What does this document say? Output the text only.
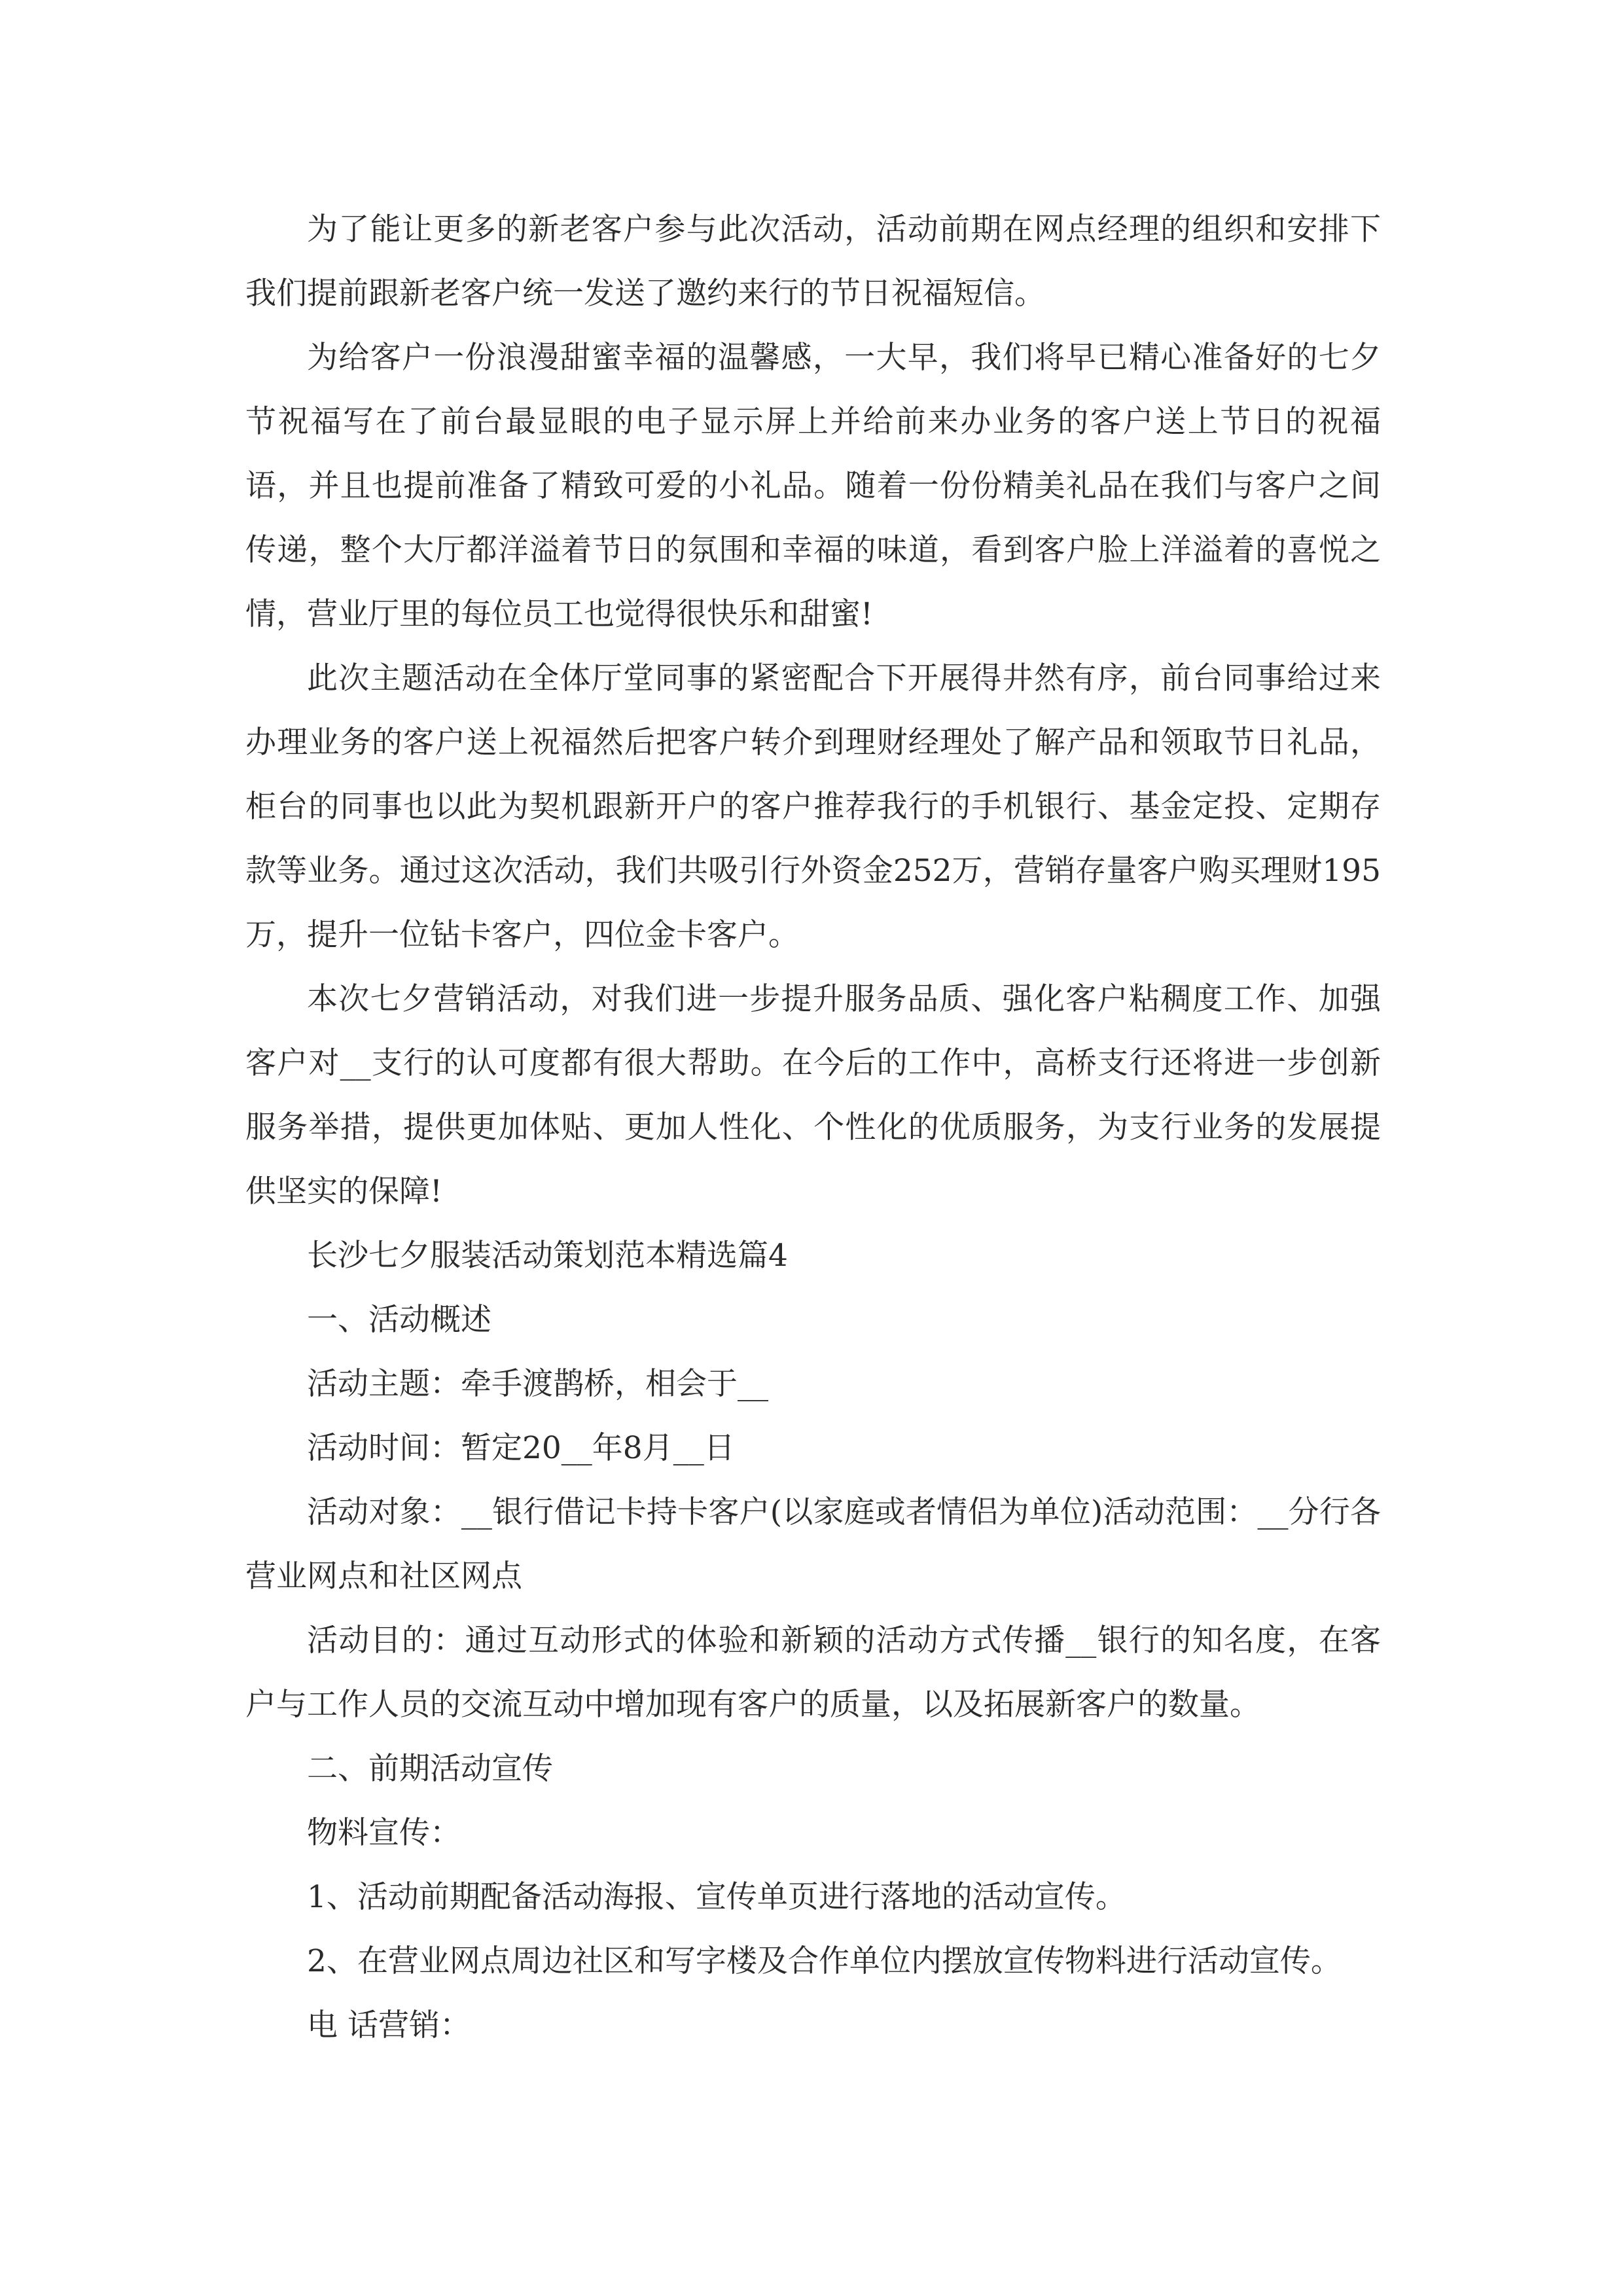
为了能让更多的新老客户参与此次活动，活动前期在网点经理的组织和安排下我们提前跟新老客户统一发送了邀约来行的节日祝福短信。

为给客户一份浪漫甜蜜幸福的温馨感，一大早，我们将早已精心准备好的七夕节祝福写在了前台最显眼的电子显示屏上并给前来办业务的客户送上节日的祝福语，并且也提前准备了精致可爱的小礼品。随着一份份精美礼品在我们与客户之间传递，整个大厅都洋溢着节日的氛围和幸福的味道，看到客户脸上洋溢着的喜悦之情，营业厅里的每位员工也觉得很快乐和甜蜜!

此次主题活动在全体厅堂同事的紧密配合下开展得井然有序，前台同事给过来办理业务的客户送上祝福然后把客户转介到理财经理处了解产品和领取节日礼品，柜台的同事也以此为契机跟新开户的客户推荐我行的手机银行、基金定投、定期存款等业务。通过这次活动，我们共吸引行外资金252万，营销存量客户购买理财195万，提升一位钻卡客户，四位金卡客户。

本次七夕营销活动，对我们进一步提升服务品质、强化客户粘稠度工作、加强客户对__支行的认可度都有很大帮助。在今后的工作中，高桥支行还将进一步创新服务举措，提供更加体贴、更加人性化、个性化的优质服务，为支行业务的发展提供坚实的保障!

长沙七夕服装活动策划范本精选篇4

一、活动概述

活动主题：牵手渡鹊桥，相会于__

活动时间：暂定20__年8月__日

活动对象：__银行借记卡持卡客户(以家庭或者情侣为单位)活动范围：__分行各营业网点和社区网点

活动目的：通过互动形式的体验和新颖的活动方式传播__银行的知名度，在客户与工作人员的交流互动中增加现有客户的质量，以及拓展新客户的数量。

二、前期活动宣传

物料宣传：

1、活动前期配备活动海报、宣传单页进行落地的活动宣传。

2、在营业网点周边社区和写字楼及合作单位内摆放宣传物料进行活动宣传。

电 话营销：
